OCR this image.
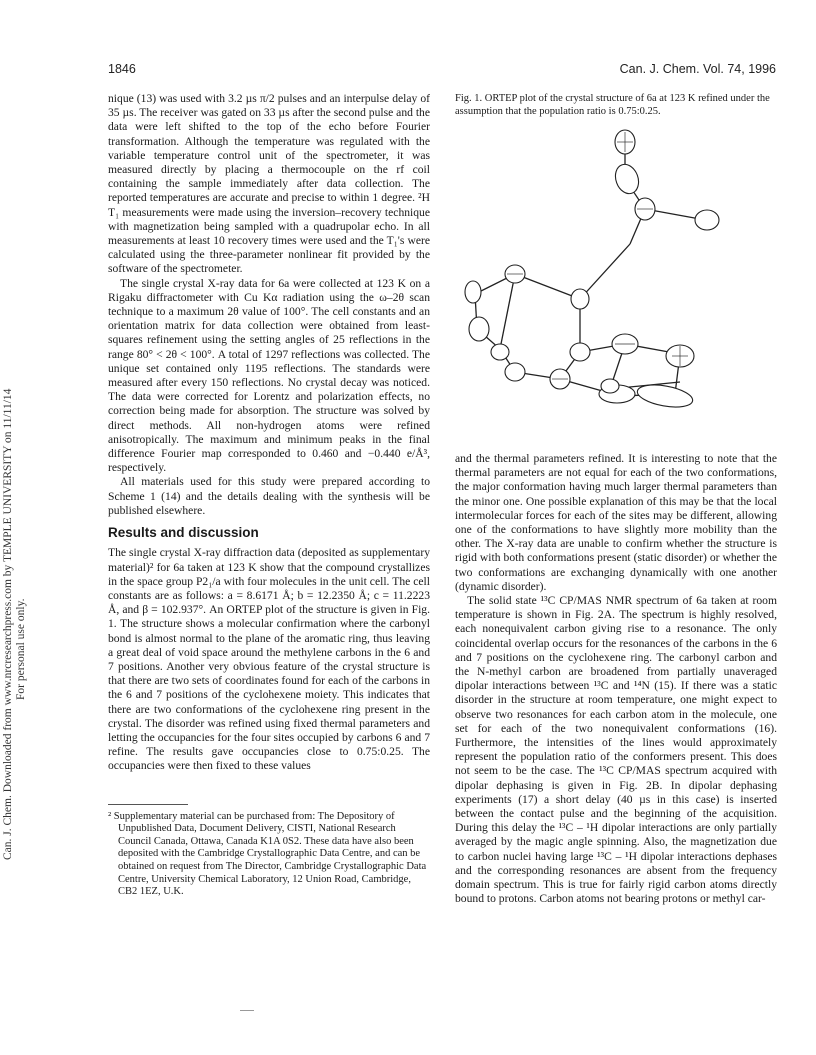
1846	Can. J. Chem. Vol. 74, 1996
Can. J. Chem. Downloaded from www.nrcresearchpress.com by TEMPLE UNIVERSITY on 11/11/14 For personal use only.

nique (13) was used with 3.2 µs π/2 pulses and an interpulse delay of 35 µs. The receiver was gated on 33 µs after the second pulse and the data were left shifted to the top of the echo before Fourier transformation. Although the temperature was regulated with the variable temperature control unit of the spectrometer, it was measured directly by placing a thermocouple on the rf coil containing the sample immediately after data collection. The reported temperatures are accurate and precise to within 1 degree. ²H T₁ measurements were made using the inversion–recovery technique with magnetization being sampled with a quadrupolar echo. In all measurements at least 10 recovery times were used and the T₁'s were calculated using the three-parameter nonlinear fit provided by the software of the spectrometer.

The single crystal X-ray data for 6a were collected at 123 K on a Rigaku diffractometer with Cu Kα radiation using the ω–2θ scan technique to a maximum 2θ value of 100°. The cell constants and an orientation matrix for data collection were obtained from least-squares refinement using the setting angles of 25 reflections in the range 80° < 2θ < 100°. A total of 1297 reflections was collected. The unique set contained only 1195 reflections. The standards were measured after every 150 reflections. No crystal decay was noticed. The data were corrected for Lorentz and polarization effects, no correction being made for absorption. The structure was solved by direct methods. All non-hydrogen atoms were refined anisotropically. The maximum and minimum peaks in the final difference Fourier map corresponded to 0.460 and −0.440 e/Å³, respectively.

All materials used for this study were prepared according to Scheme 1 (14) and the details dealing with the synthesis will be published elsewhere.

Results and discussion

The single crystal X-ray diffraction data (deposited as supplementary material)² for 6a taken at 123 K show that the compound crystallizes in the space group P2₁/a with four molecules in the unit cell. The cell constants are as follows: a = 8.6171 Å; b = 12.2350 Å; c = 11.2223 Å, and β = 102.937°. An ORTEP plot of the structure is given in Fig. 1. The structure shows a molecular confirmation where the carbonyl bond is almost normal to the plane of the aromatic ring, thus leaving a great deal of void space around the methylene carbons in the 6 and 7 positions. Another very obvious feature of the crystal structure is that there are two sets of coordinates found for each of the carbons in the 6 and 7 positions of the cyclohexene moiety. This indicates that there are two conformations of the cyclohexene ring present in the crystal. The disorder was refined using fixed thermal parameters and letting the occupancies for the four sites occupied by carbons 6 and 7 refine. The results gave occupancies close to 0.75:0.25. The occupancies were then fixed to these values

² Supplementary material can be purchased from: The Depository of Unpublished Data, Document Delivery, CISTI, National Research Council Canada, Ottawa, Canada K1A 0S2. These data have also been deposited with the Cambridge Crystallographic Data Centre, and can be obtained on request from The Director, Cambridge Crystallographic Data Centre, University Chemical Laboratory, 12 Union Road, Cambridge, CB2 1EZ, U.K.
Fig. 1. ORTEP plot of the crystal structure of 6a at 123 K refined under the assumption that the population ratio is 0.75:0.25.

and the thermal parameters refined. It is interesting to note that the thermal parameters are not equal for each of the two conformations, the major conformation having much larger thermal parameters than the minor one. One possible explanation of this may be that the local intermolecular forces for each of the sites may be different, allowing one of the conformations to have slightly more mobility than the other. The X-ray data are unable to confirm whether the structure is rigid with both conformations present (static disorder) or whether the two conformations are exchanging dynamically with one another (dynamic disorder).

The solid state ¹³C CP/MAS NMR spectrum of 6a taken at room temperature is shown in Fig. 2A. The spectrum is highly resolved, each nonequivalent carbon giving rise to a resonance. The only coincidental overlap occurs for the resonances of the carbons in the 6 and 7 positions on the cyclohexene ring. The carbonyl carbon and the N-methyl carbon are broadened from partially unaveraged dipolar interactions between ¹³C and ¹⁴N (15). If there was a static disorder in the structure at room temperature, one might expect to observe two resonances for each carbon atom in the molecule, one set for each of the two nonequivalent conformations (16). Furthermore, the intensities of the lines would approximately represent the population ratio of the conformers present. This does not seem to be the case. The ¹³C CP/MAS spectrum acquired with dipolar dephasing is given in Fig. 2B. In dipolar dephasing experiments (17) a short delay (40 µs in this case) is inserted between the contact pulse and the beginning of the acquisition. During this delay the ¹³C – ¹H dipolar interactions are only partially averaged by the magic angle spinning. Also, the magnetization due to carbon nuclei having large ¹³C – ¹H dipolar interactions dephases and the corresponding resonances are absent from the frequency domain spectrum. This is true for fairly rigid carbon atoms directly bound to protons. Carbon atoms not bearing protons or methyl car-
